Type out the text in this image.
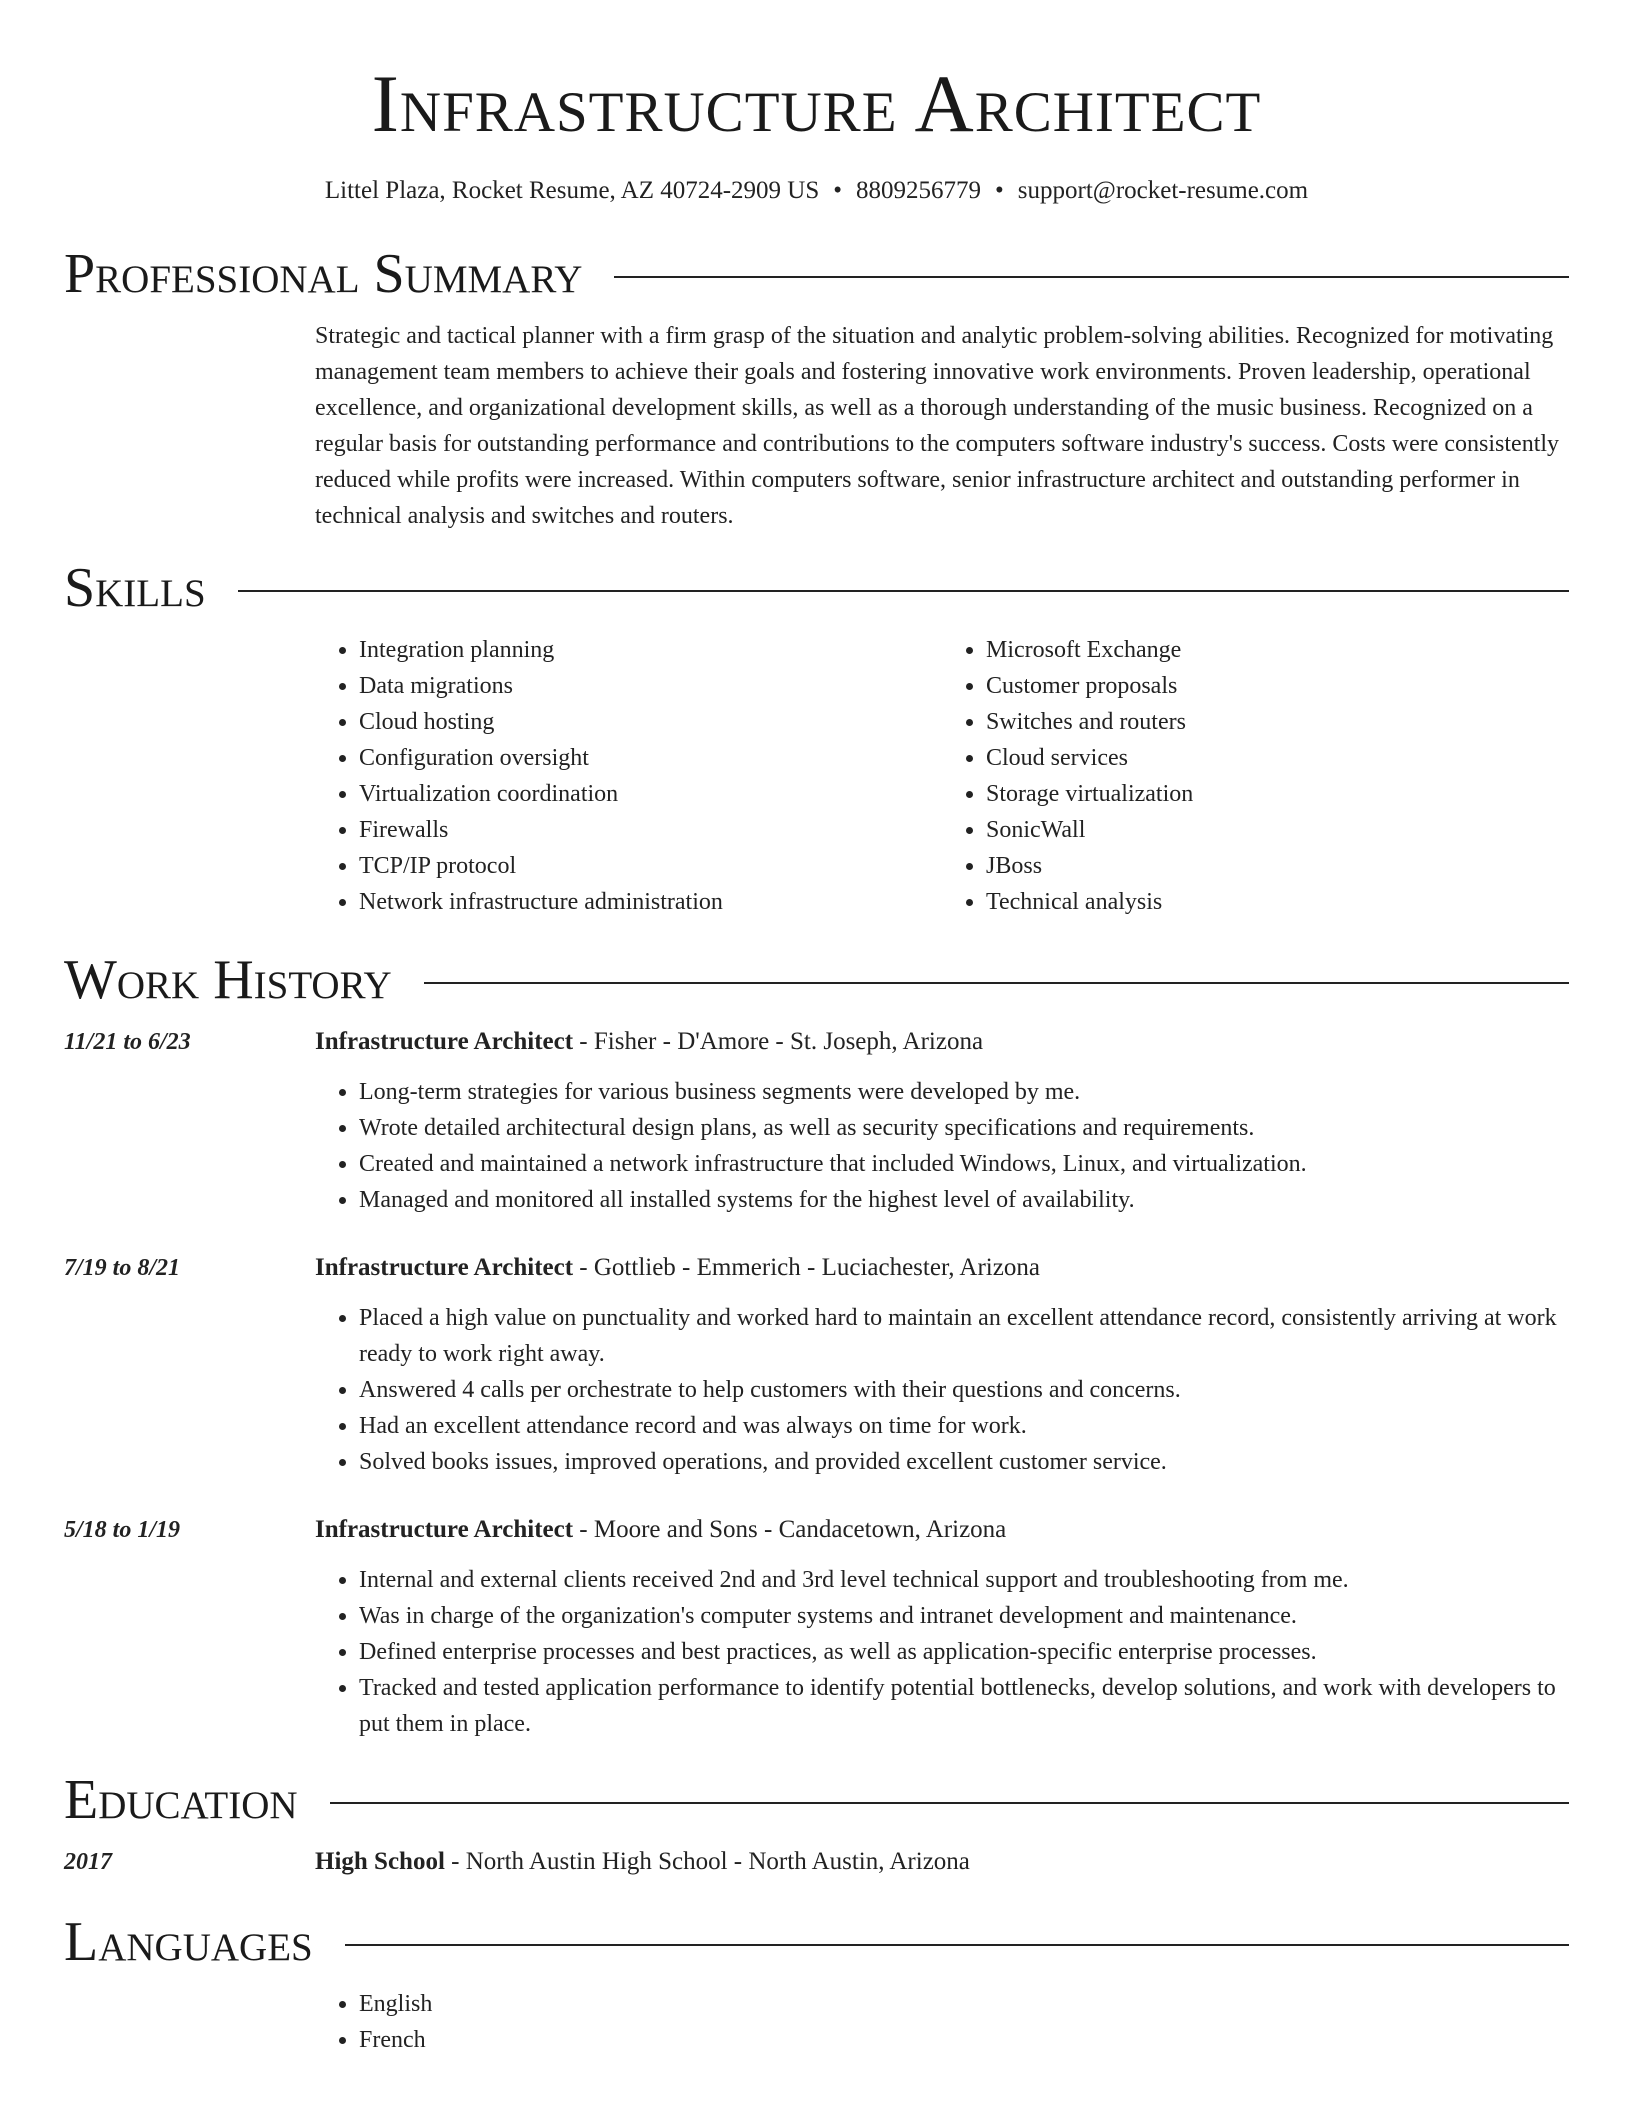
Infrastructure Architect
Littel Plaza, Rocket Resume, AZ 40724-2909 US • 8809256779 • support@rocket-resume.com
Professional Summary
Strategic and tactical planner with a firm grasp of the situation and analytic problem-solving abilities. Recognized for motivating management team members to achieve their goals and fostering innovative work environments. Proven leadership, operational excellence, and organizational development skills, as well as a thorough understanding of the music business. Recognized on a regular basis for outstanding performance and contributions to the computers software industry's success. Costs were consistently reduced while profits were increased. Within computers software, senior infrastructure architect and outstanding performer in technical analysis and switches and routers.
Skills
• Integration planning
• Data migrations
• Cloud hosting
• Configuration oversight
• Virtualization coordination
• Firewalls
• TCP/IP protocol
• Network infrastructure administration
• Microsoft Exchange
• Customer proposals
• Switches and routers
• Cloud services
• Storage virtualization
• SonicWall
• JBoss
• Technical analysis
Work History
11/21 to 6/23	Infrastructure Architect - Fisher - D'Amore - St. Joseph, Arizona
• Long-term strategies for various business segments were developed by me.
• Wrote detailed architectural design plans, as well as security specifications and requirements.
• Created and maintained a network infrastructure that included Windows, Linux, and virtualization.
• Managed and monitored all installed systems for the highest level of availability.
7/19 to 8/21	Infrastructure Architect - Gottlieb - Emmerich - Luciachester, Arizona
• Placed a high value on punctuality and worked hard to maintain an excellent attendance record, consistently arriving at work ready to work right away.
• Answered 4 calls per orchestrate to help customers with their questions and concerns.
• Had an excellent attendance record and was always on time for work.
• Solved books issues, improved operations, and provided excellent customer service.
5/18 to 1/19	Infrastructure Architect - Moore and Sons - Candacetown, Arizona
• Internal and external clients received 2nd and 3rd level technical support and troubleshooting from me.
• Was in charge of the organization's computer systems and intranet development and maintenance.
• Defined enterprise processes and best practices, as well as application-specific enterprise processes.
• Tracked and tested application performance to identify potential bottlenecks, develop solutions, and work with developers to put them in place.
Education
2017	High School - North Austin High School - North Austin, Arizona
Languages
• English
• French
